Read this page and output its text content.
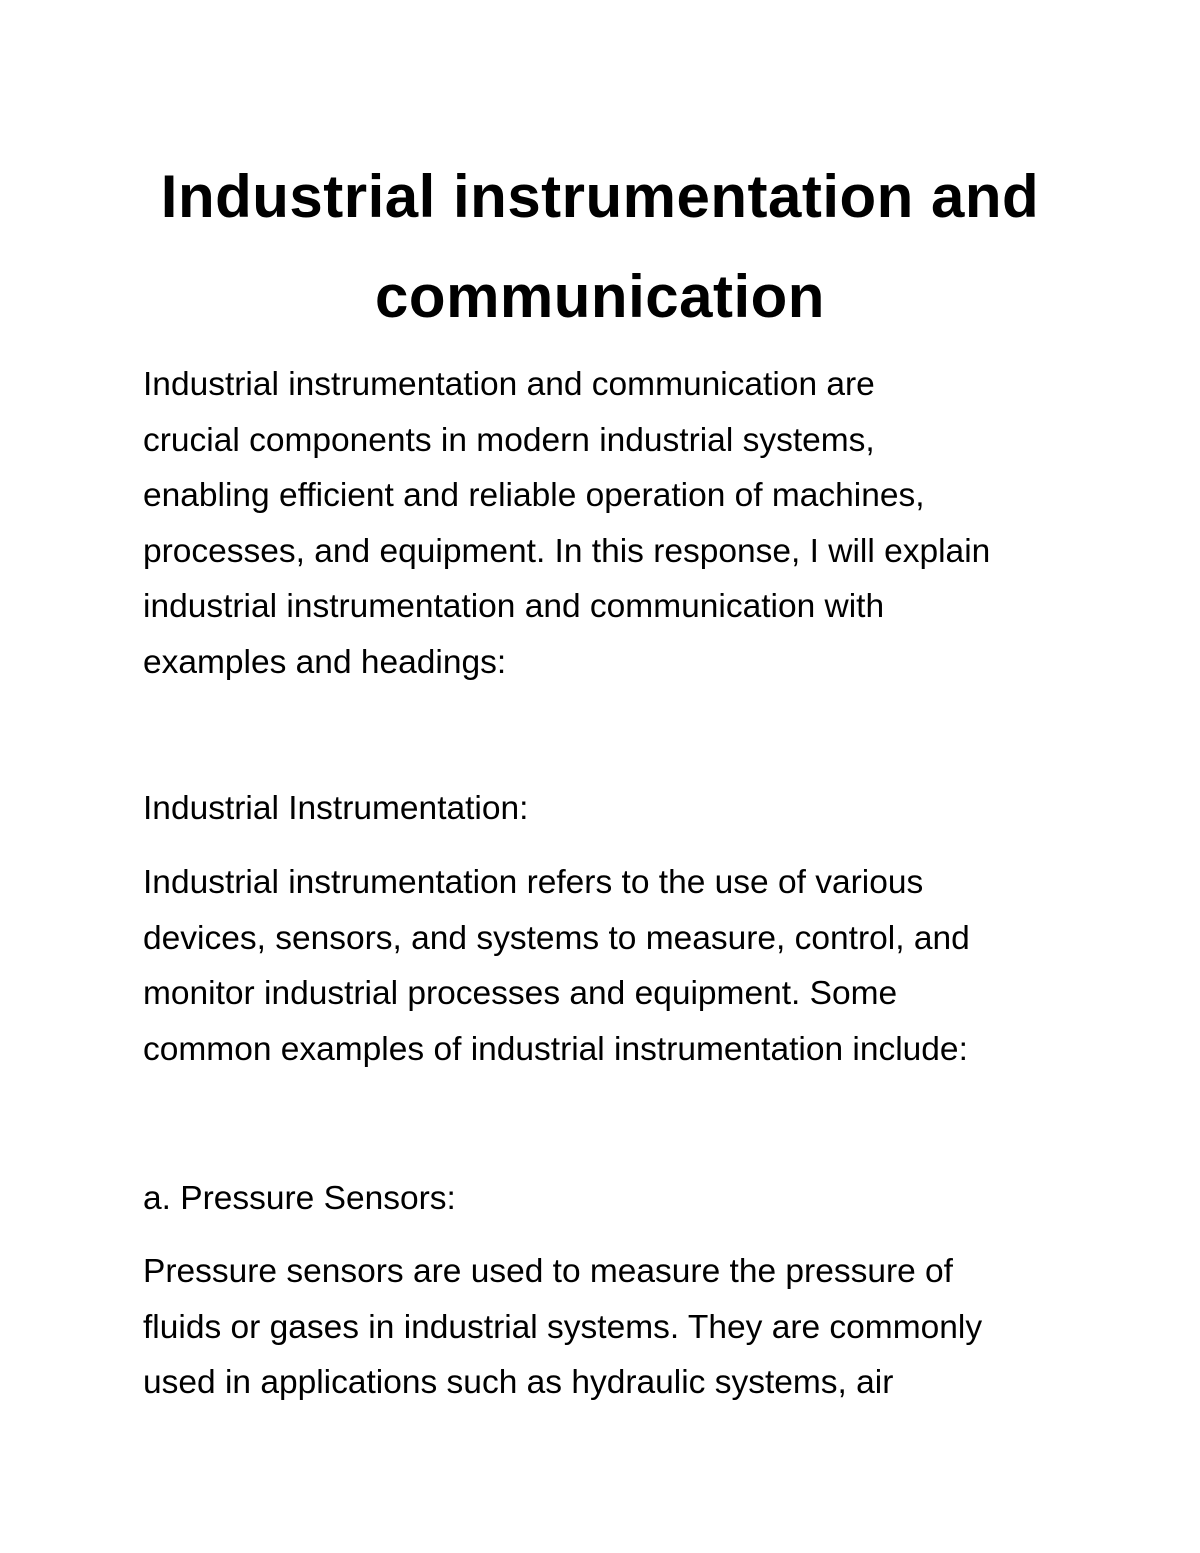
Industrial instrumentation and
communication

Industrial instrumentation and communication are
crucial components in modern industrial systems,
enabling efficient and reliable operation of machines,
processes, and equipment. In this response, I will explain
industrial instrumentation and communication with
examples and headings:

Industrial Instrumentation:

Industrial instrumentation refers to the use of various
devices, sensors, and systems to measure, control, and
monitor industrial processes and equipment. Some
common examples of industrial instrumentation include:

a. Pressure Sensors:

Pressure sensors are used to measure the pressure of
fluids or gases in industrial systems. They are commonly
used in applications such as hydraulic systems, air
